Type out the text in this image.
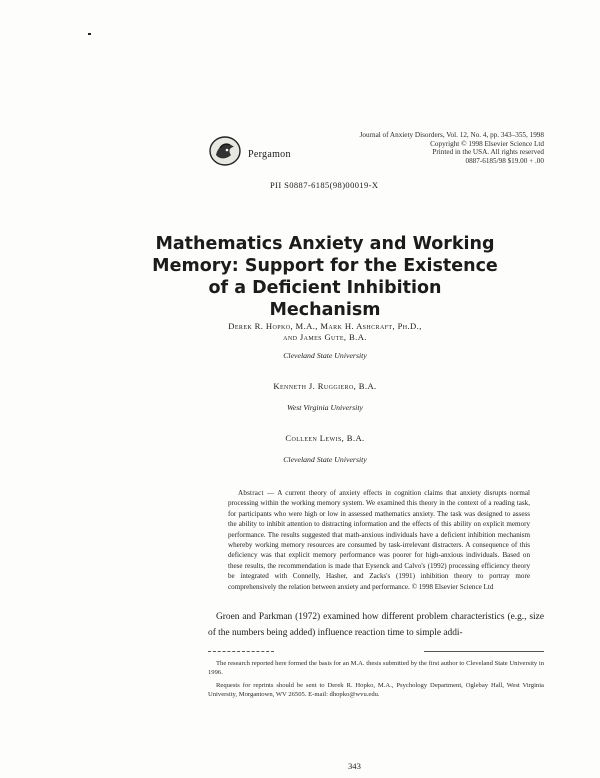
Pergamon
Journal of Anxiety Disorders, Vol. 12, No. 4, pp. 343–355, 1998
Copyright © 1998 Elsevier Science Ltd
Printed in the USA. All rights reserved
0887-6185/98 $19.00 + .00
PII S0887-6185(98)00019-X
Mathematics Anxiety and Working
Memory: Support for the Existence
of a Deficient Inhibition Mechanism
Derek R. Hopko, M.A., Mark H. Ashcraft, Ph.D.,
and James Gute, B.A.
Cleveland State University
Kenneth J. Ruggiero, B.A.
West Virginia University
Colleen Lewis, B.A.
Cleveland State University
Abstract — A current theory of anxiety effects in cognition claims that anxiety disrupts normal processing within the working memory system. We examined this theory in the context of a reading task, for participants who were high or low in assessed mathematics anxiety. The task was designed to assess the ability to inhibit attention to distracting information and the effects of this ability on explicit memory performance. The results suggested that math-anxious individuals have a deficient inhibition mechanism whereby working memory resources are consumed by task-irrelevant distracters. A consequence of this deficiency was that explicit memory performance was poorer for high-anxious individuals. Based on these results, the recommendation is made that Eysenck and Calvo's (1992) processing efficiency theory be integrated with Connelly, Hasher, and Zacks's (1991) inhibition theory to portray more comprehensively the relation between anxiety and performance. © 1998 Elsevier Science Ltd
Groen and Parkman (1972) examined how different problem characteristics (e.g., size of the numbers being added) influence reaction time to simple addi-
The research reported here formed the basis for an M.A. thesis submitted by the first author to Cleveland State University in 1996.
Requests for reprints should be sent to Derek R. Hopko, M.A., Psychology Department, Oglebay Hall, West Virginia University, Morgantown, WV 26505. E-mail: dhopko@wvu.edu.
343
